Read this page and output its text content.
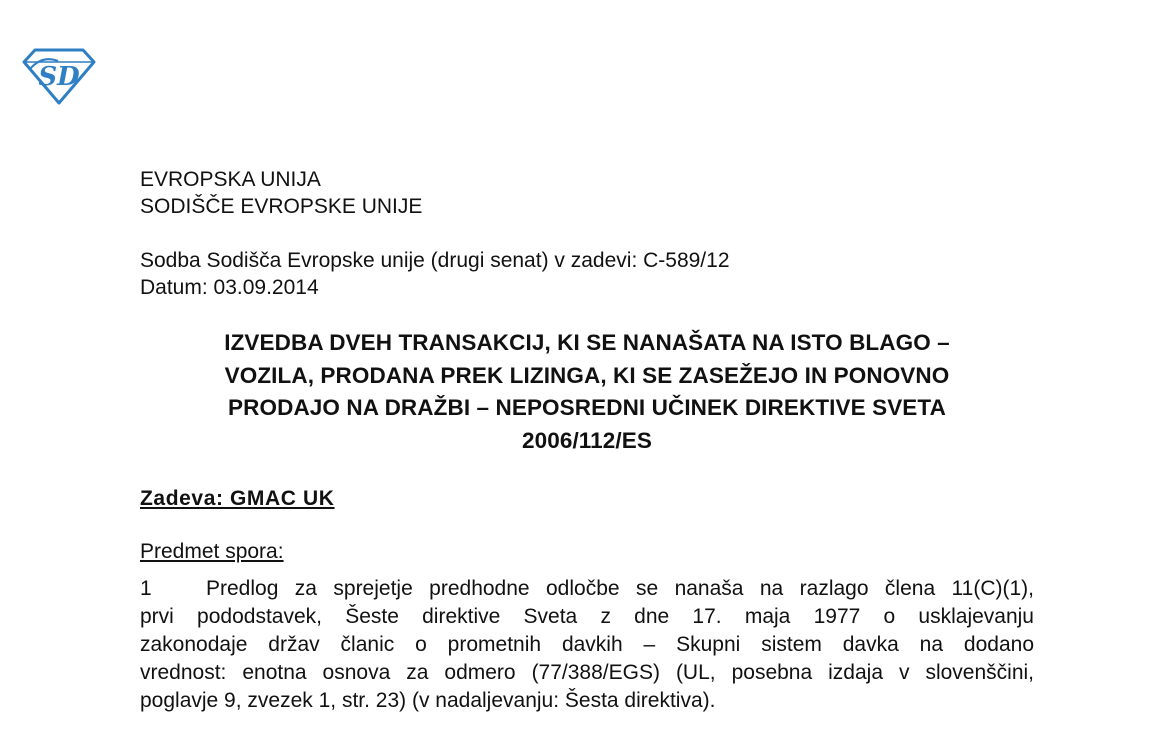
SD
EVROPSKA UNIJA
SODIŠČE EVROPSKE UNIJE
Sodba Sodišča Evropske unije (drugi senat) v zadevi: C-589/12
Datum: 03.09.2014
IZVEDBA DVEH TRANSAKCIJ, KI SE NANAŠATA NA ISTO BLAGO –
VOZILA, PRODANA PREK LIZINGA, KI SE ZASEŽEJO IN PONOVNO
PRODAJO NA DRAŽBI – NEPOSREDNI UČINEK DIREKTIVE SVETA
2006/112/ES
Zadeva: GMAC UK
Predmet spora:
1	Predlog za sprejetje predhodne odločbe se nanaša na razlago člena 11(C)(1),
prvi pododstavek, Šeste direktive Sveta z dne 17. maja 1977 o usklajevanju
zakonodaje držav članic o prometnih davkih – Skupni sistem davka na dodano
vrednost: enotna osnova za odmero (77/388/EGS) (UL, posebna izdaja v slovenščini,
poglavje 9, zvezek 1, str. 23) (v nadaljevanju: Šesta direktiva).
